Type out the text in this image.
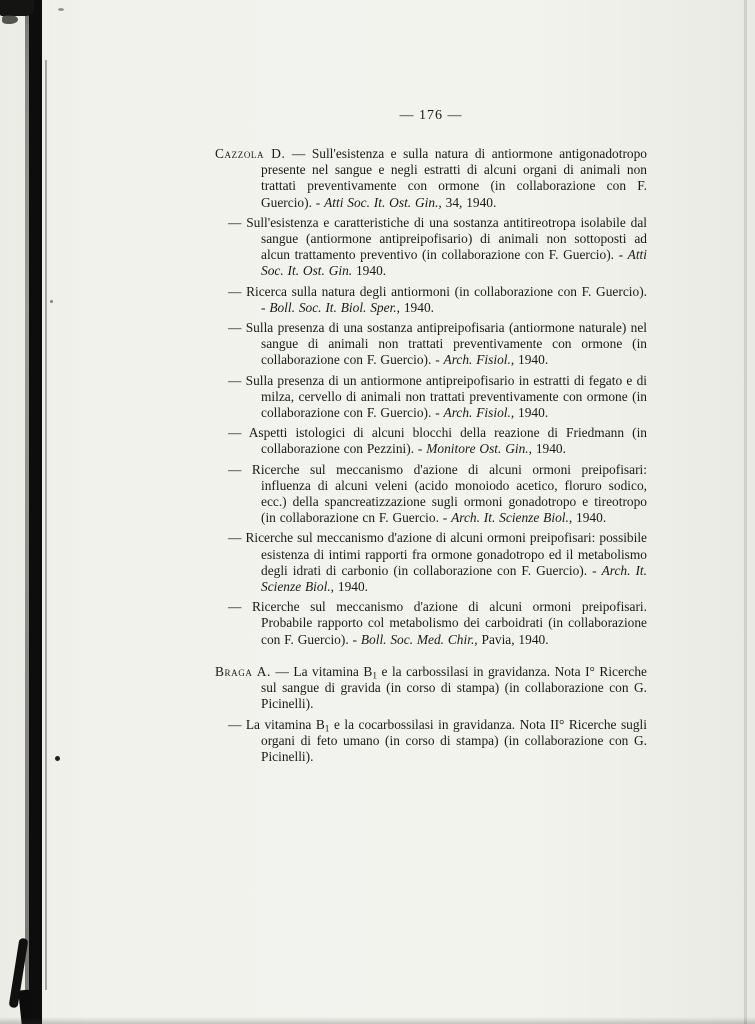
— 176 —

Cazzola D. — Sull'esistenza e sulla natura di antiormone antigonadotropo presente nel sangue e negli estratti di alcuni organi di animali non trattati preventivamente con ormone (in collaborazione con F. Guercio). - Atti Soc. It. Ost. Gin., 34, 1940.

— Sull'esistenza e caratteristiche di una sostanza antitireotropa isolabile dal sangue (antiormone antipreipofisario) di animali non sottoposti ad alcun trattamento preventivo (in collaborazione con F. Guercio). - Atti Soc. It. Ost. Gin. 1940.

— Ricerca sulla natura degli antiormoni (in collaborazione con F. Guercio). - Boll. Soc. It. Biol. Sper., 1940.

— Sulla presenza di una sostanza antipreipofisaria (antiormone naturale) nel sangue di animali non trattati preventivamente con ormone (in collaborazione con F. Guercio). - Arch. Fisiol., 1940.

— Sulla presenza di un antiormone antipreipofisario in estratti di fegato e di milza, cervello di animali non trattati preventivamente con ormone (in collaborazione con F. Guercio). - Arch. Fisiol., 1940.

— Aspetti istologici di alcuni blocchi della reazione di Friedmann (in collaborazione con Pezzini). - Monitore Ost. Gin., 1940.

— Ricerche sul meccanismo d'azione di alcuni ormoni preipofisari: influenza di alcuni veleni (acido monoiodo acetico, floruro sodico, ecc.) della spancreatizzazione sugli ormoni gonadotropo e tireotropo (in collaborazione cn F. Guercio. - Arch. It. Scienze Biol., 1940.

— Ricerche sul meccanismo d'azione di alcuni ormoni preipofisari: possibile esistenza di intimi rapporti fra ormone gonadotropo ed il metabolismo degli idrati di carbonio (in collaborazione con F. Guercio). - Arch. It. Scienze Biol., 1940.

— Ricerche sul meccanismo d'azione di alcuni ormoni preipofisari. Probabile rapporto col metabolismo dei carboidrati (in collaborazione con F. Guercio). - Boll. Soc. Med. Chir., Pavia, 1940.

Braga A. — La vitamina $B_1$ e la carbossilasi in gravidanza. Nota I° Ricerche sul sangue di gravida (in corso di stampa) (in collaborazione con G. Picinelli).

— La vitamina $B_1$ e la cocarbossilasi in gravidanza. Nota II° Ricerche sugli organi di feto umano (in corso di stampa) (in collaborazione con G. Picinelli).
